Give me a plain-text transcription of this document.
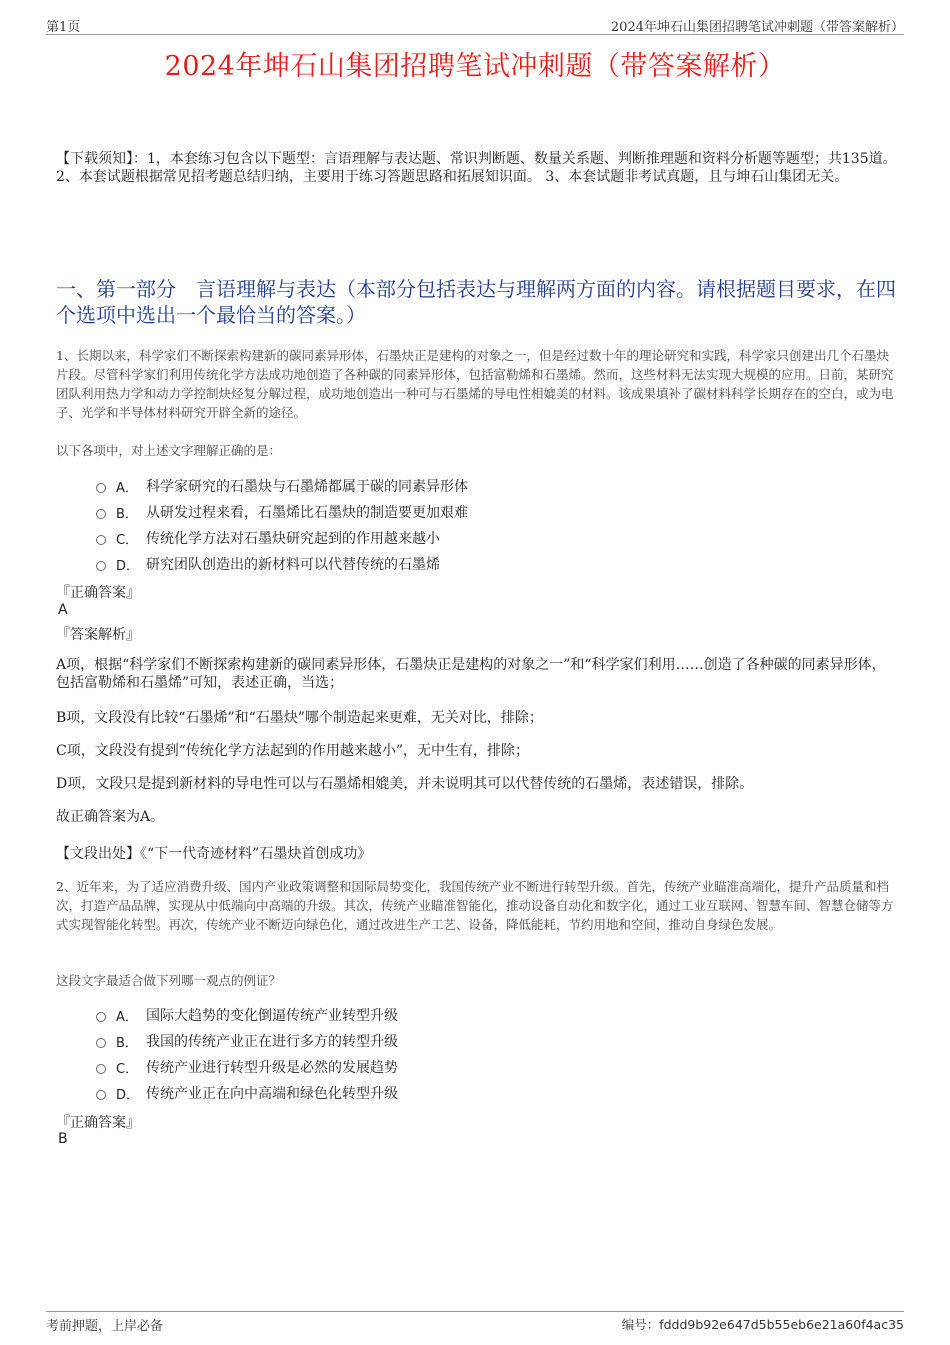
第1页	2024年坤石山集团招聘笔试冲刺题（带答案解析）
2024年坤石山集团招聘笔试冲刺题（带答案解析）
【下载须知】：1，本套练习包含以下题型：言语理解与表达题、常识判断题、数量关系题、判断推理题和资料分析题等题型；共135道。 2、本套试题根据常见招考题总结归纳，主要用于练习答题思路和拓展知识面。 3、本套试题非考试真题，且与坤石山集团无关。
一、第一部分　言语理解与表达（本部分包括表达与理解两方面的内容。请根据题目要求，在四个选项中选出一个最恰当的答案。）
1、长期以来，科学家们不断探索构建新的碳同素异形体，石墨炔正是建构的对象之一，但是经过数十年的理论研究和实践，科学家只创建出几个石墨炔片段。尽管科学家们利用传统化学方法成功地创造了各种碳的同素异形体，包括富勒烯和石墨烯。然而，这些材料无法实现大规模的应用。日前，某研究团队利用热力学和动力学控制炔烃复分解过程，成功地创造出一种可与石墨烯的导电性相媲美的材料。该成果填补了碳材料科学长期存在的空白，或为电子、光学和半导体材料研究开辟全新的途径。
以下各项中，对上述文字理解正确的是：
A． 科学家研究的石墨炔与石墨烯都属于碳的同素异形体
B． 从研发过程来看，石墨烯比石墨炔的制造要更加艰难
C． 传统化学方法对石墨炔研究起到的作用越来越小
D． 研究团队创造出的新材料可以代替传统的石墨烯
『正确答案』
A
『答案解析』
A项，根据“科学家们不断探索构建新的碳同素异形体，石墨炔正是建构的对象之一”和“科学家们利用……创造了各种碳的同素异形体，包括富勒烯和石墨烯”可知，表述正确，当选；
B项，文段没有比较“石墨烯”和“石墨炔”哪个制造起来更难，无关对比，排除；
C项，文段没有提到“传统化学方法起到的作用越来越小”，无中生有，排除；
D项，文段只是提到新材料的导电性可以与石墨烯相媲美，并未说明其可以代替传统的石墨烯，表述错误，排除。
故正确答案为A。
【文段出处】《“下一代奇迹材料”石墨炔首创成功》
2、近年来，为了适应消费升级、国内产业政策调整和国际局势变化，我国传统产业不断进行转型升级。首先，传统产业瞄准高端化，提升产品质量和档次，打造产品品牌，实现从中低端向中高端的升级。其次，传统产业瞄准智能化，推动设备自动化和数字化，通过工业互联网、智慧车间、智慧仓储等方式实现智能化转型。再次，传统产业不断迈向绿色化，通过改进生产工艺、设备，降低能耗，节约用地和空间，推动自身绿色发展。
这段文字最适合做下列哪一观点的例证？
A． 国际大趋势的变化倒逼传统产业转型升级
B． 我国的传统产业正在进行多方的转型升级
C． 传统产业进行转型升级是必然的发展趋势
D． 传统产业正在向中高端和绿色化转型升级
『正确答案』
B
考前押题，上岸必备	编号：fddd9b92e647d5b55eb6e21a60f4ac35
